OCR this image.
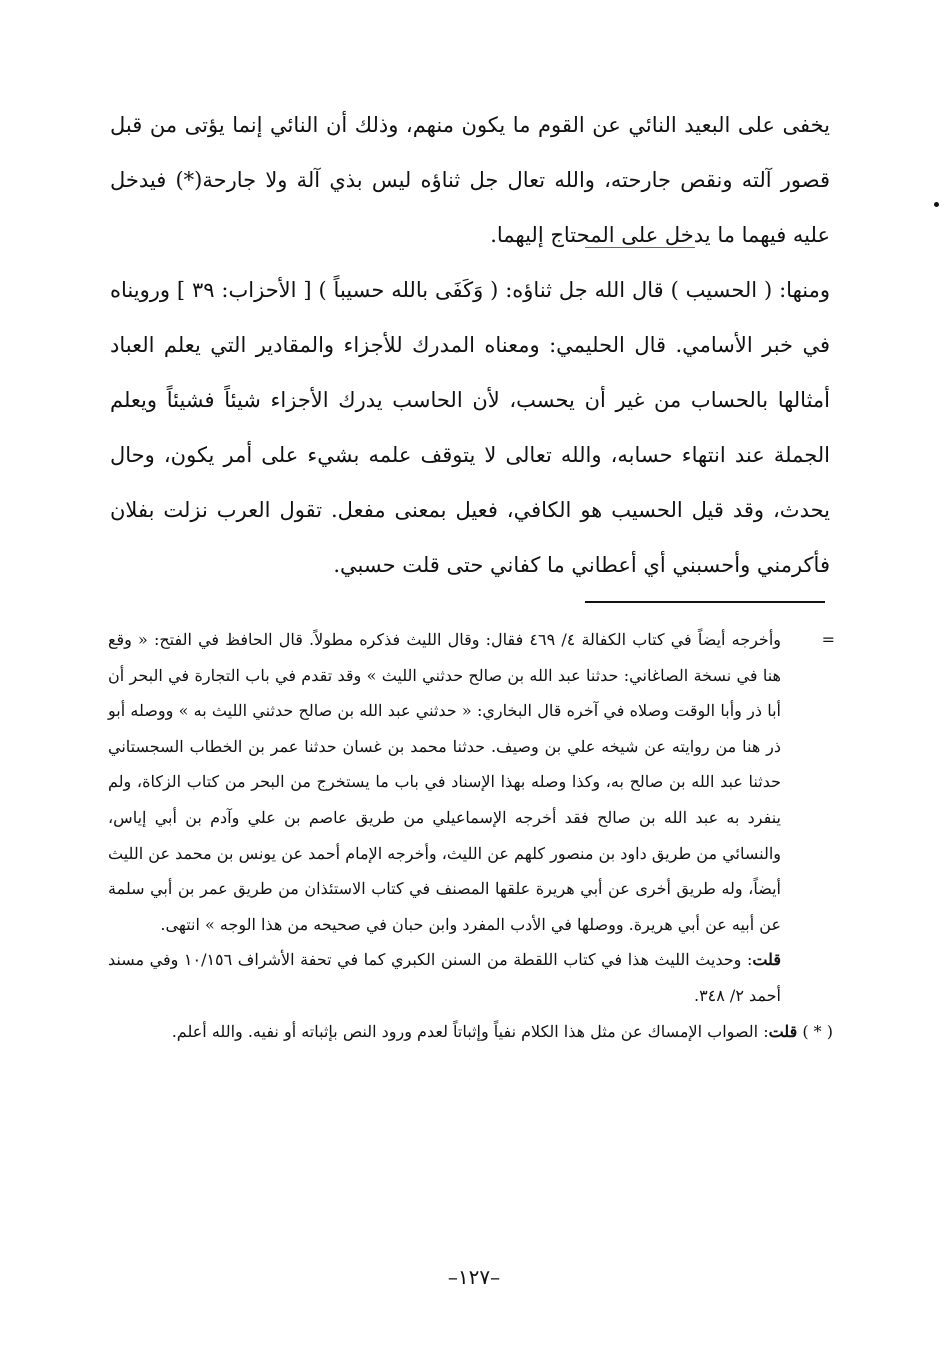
يخفى على البعيد النائي عن القوم ما يكون منهم، وذلك أن النائي إنما يؤتى من قبل قصور آلته ونقص جارحته، والله تعال جل ثناؤه ليس بذي آلة ولا جارحة(*) فيدخل عليه فيهما ما يدخل على المحتاج إليهما.

ومنها: ( الحسيب ) قال الله جل ثناؤه: ( وَكَفَى بالله حسيباً ) [ الأحزاب: ٣٩ ] ورويناه في خبر الأسامي. قال الحليمي: ومعناه المدرك للأجزاء والمقادير التي يعلم العباد أمثالها بالحساب من غير أن يحسب، لأن الحاسب يدرك الأجزاء شيئاً فشيئاً ويعلم الجملة عند انتهاء حسابه، والله تعالى لا يتوقف علمه بشيء على أمر يكون، وحال يحدث، وقد قيل الحسيب هو الكافي، فعيل بمعنى مفعل. تقول العرب نزلت بفلان فأكرمني وأحسبني أي أعطاني ما كفاني حتى قلت حسبي.

=
وأخرجه أيضاً في كتاب الكفالة ٤/ ٤٦٩ فقال: وقال الليث فذكره مطولاً. قال الحافظ في الفتح: « وقع هنا في نسخة الصاغاني: حدثنا عبد الله بن صالح حدثني الليث » وقد تقدم في باب التجارة في البحر أن أبا ذر وأبا الوقت وصلاه في آخره قال البخاري: « حدثني عبد الله بن صالح حدثني الليث به » ووصله أبو ذر هنا من روايته عن شيخه علي بن وصيف. حدثنا محمد بن غسان حدثنا عمر بن الخطاب السجستاني حدثنا عبد الله بن صالح به، وكذا وصله بهذا الإسناد في باب ما يستخرج من البحر من كتاب الزكاة، ولم ينفرد به عبد الله بن صالح فقد أخرجه الإسماعيلي من طريق عاصم بن علي وآدم بن أبي إياس، والنسائي من طريق داود بن منصور كلهم عن الليث، وأخرجه الإمام أحمد عن يونس بن محمد عن الليث أيضاً، وله طريق أخرى عن أبي هريرة علقها المصنف في كتاب الاستئذان من طريق عمر بن أبي سلمة عن أبيه عن أبي هريرة. ووصلها في الأدب المفرد وابن حبان في صحيحه من هذا الوجه » انتهى.
قلت: وحديث الليث هذا في كتاب اللقطة من السنن الكبري كما في تحفة الأشراف ١٠/١٥٦ وفي مسند أحمد ٢/ ٣٤٨.
( * ) قلت: الصواب الإمساك عن مثل هذا الكلام نفياً وإثباتاً لعدم ورود النص بإثباته أو نفيه. والله أعلم.
–١٢٧–
